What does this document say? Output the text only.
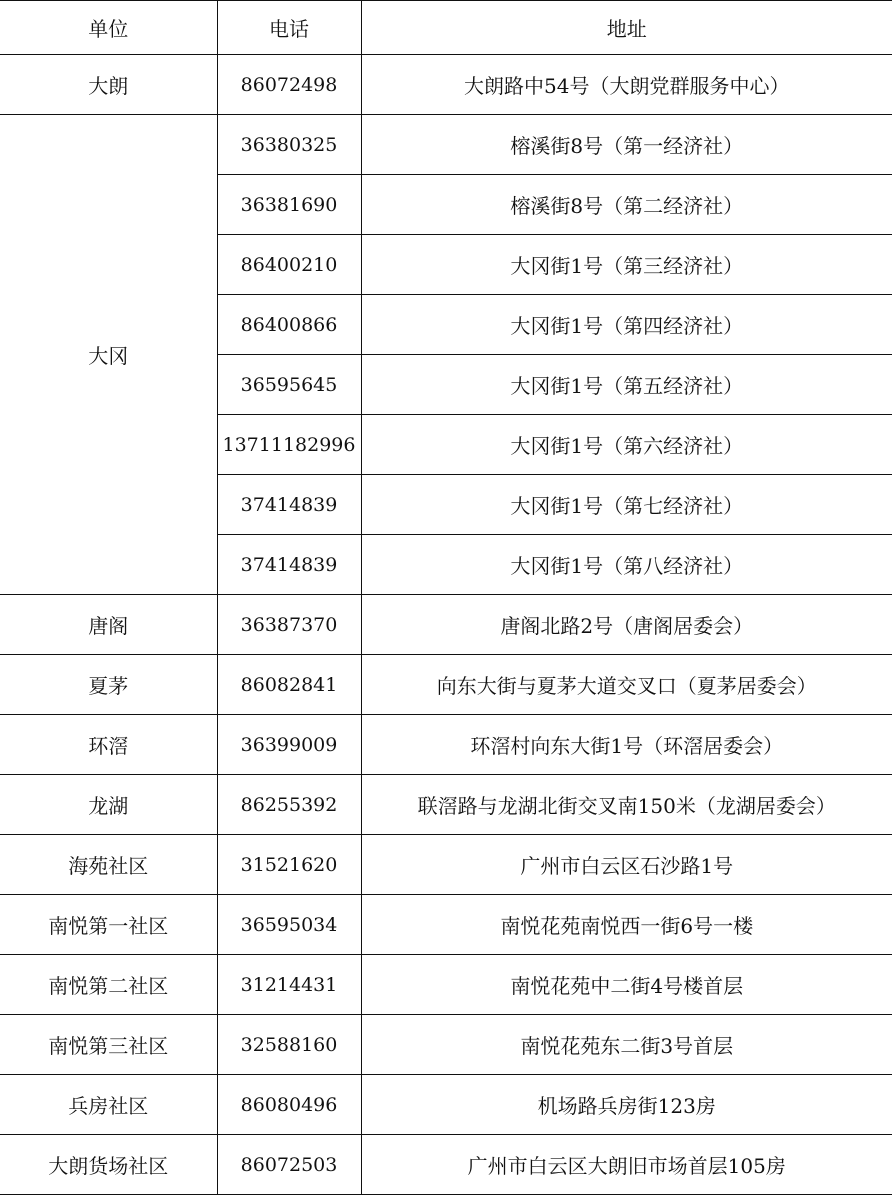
单位	电话	地址
大朗	86072498	大朗路中54号（大朗党群服务中心）
大冈	36380325	榕溪街8号（第一经济社）
	36381690	榕溪街8号（第二经济社）
	86400210	大冈街1号（第三经济社）
	86400866	大冈街1号（第四经济社）
	36595645	大冈街1号（第五经济社）
	13711182996	大冈街1号（第六经济社）
	37414839	大冈街1号（第七经济社）
	37414839	大冈街1号（第八经济社）
唐阁	36387370	唐阁北路2号（唐阁居委会）
夏茅	86082841	向东大街与夏茅大道交叉口（夏茅居委会）
环滘	36399009	环滘村向东大街1号（环滘居委会）
龙湖	86255392	联滘路与龙湖北街交叉南150米（龙湖居委会）
海苑社区	31521620	广州市白云区石沙路1号
南悦第一社区	36595034	南悦花苑南悦西一街6号一楼
南悦第二社区	31214431	南悦花苑中二街4号楼首层
南悦第三社区	32588160	南悦花苑东二街3号首层
兵房社区	86080496	机场路兵房街123房
大朗货场社区	86072503	广州市白云区大朗旧市场首层105房
